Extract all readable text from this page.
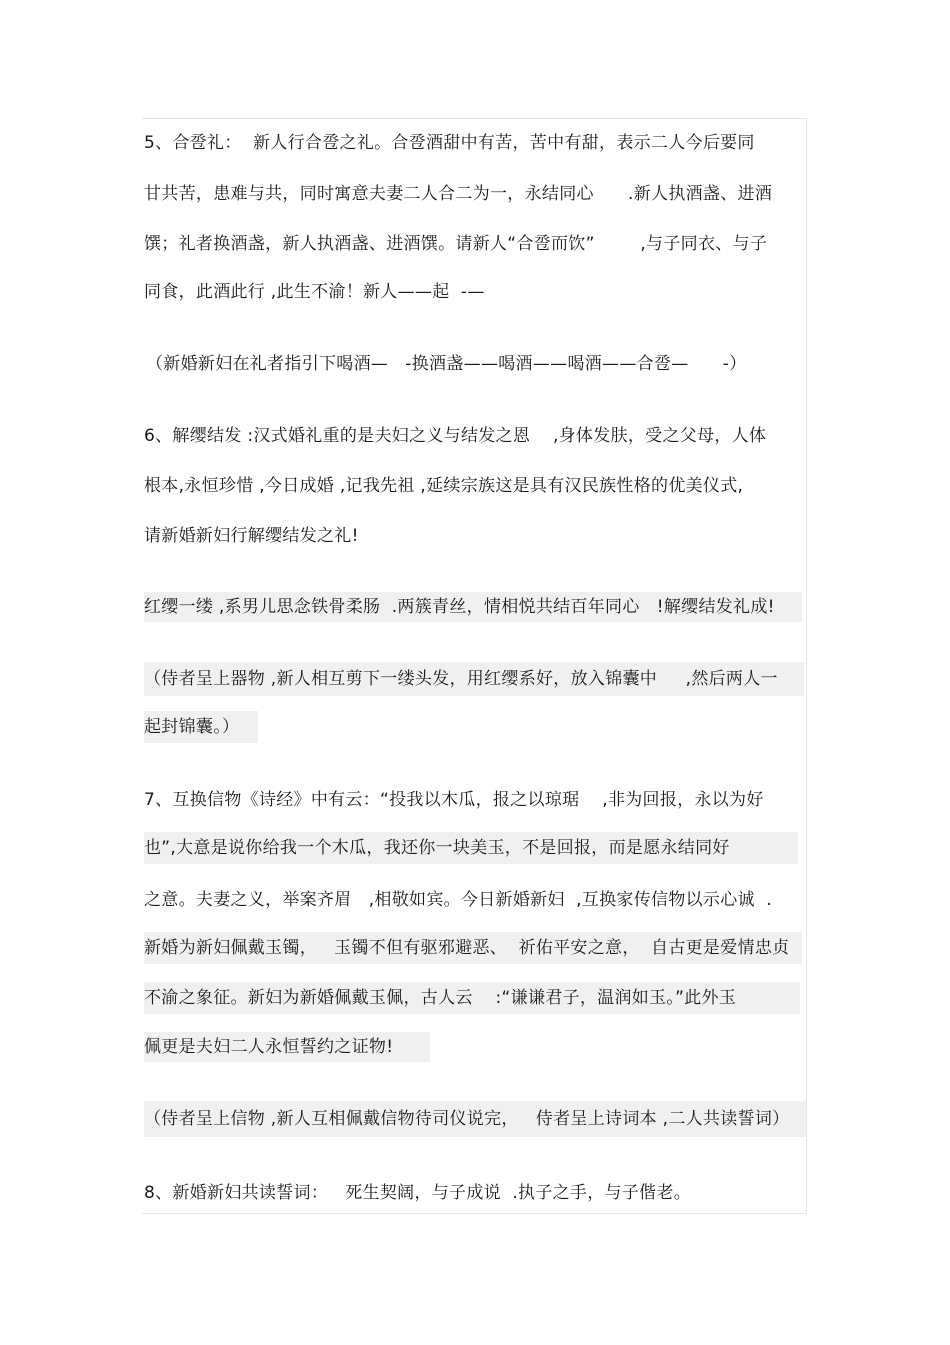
5、合卺礼：  新人行合卺之礼。合卺酒甜中有苦，苦中有甜，表示二人今后要同
甘共苦，患难与共，同时寓意夫妻二人合二为一，永结同心      .新人执酒盏、进酒
馔；礼者换酒盏，新人执酒盏、进酒馔。请新人“合卺而饮”        ,与子同衣、与子
同食，此酒此行 ,此生不渝！新人——起  -—
（新婚新妇在礼者指引下喝酒—   -换酒盏——喝酒——喝酒——合卺—      -）
6、解缨结发 :汉式婚礼重的是夫妇之义与结发之恩    ,身体发肤，受之父母，人体
根本,永恒珍惜 ,今日成婚 ,记我先祖 ,延续宗族这是具有汉民族性格的优美仪式,
请新婚新妇行解缨结发之礼!
红缨一缕 ,系男儿思念铁骨柔肠  .两簇青丝，情相悦共结百年同心   !解缨结发礼成!
（侍者呈上器物 ,新人相互剪下一缕头发，用红缨系好，放入锦囊中     ,然后两人一
起封锦囊。）
7、互换信物《诗经》中有云：“投我以木瓜，报之以琼琚    ,非为回报，永以为好
也”,大意是说你给我一个木瓜，我还你一块美玉，不是回报，而是愿永结同好
之意。夫妻之义，举案齐眉   ,相敬如宾。今日新婚新妇  ,互换家传信物以示心诚  .
新婚为新妇佩戴玉镯，   玉镯不但有驱邪避恶、  祈佑平安之意，  自古更是爱情忠贞
不渝之象征。新妇为新婚佩戴玉佩，古人云    :“谦谦君子，温润如玉。”此外玉
佩更是夫妇二人永恒誓约之证物!
（侍者呈上信物 ,新人互相佩戴信物待司仪说完，   侍者呈上诗词本 ,二人共读誓词）
8、新婚新妇共读誓词：   死生契阔，与子成说  .执子之手，与子偕老。
